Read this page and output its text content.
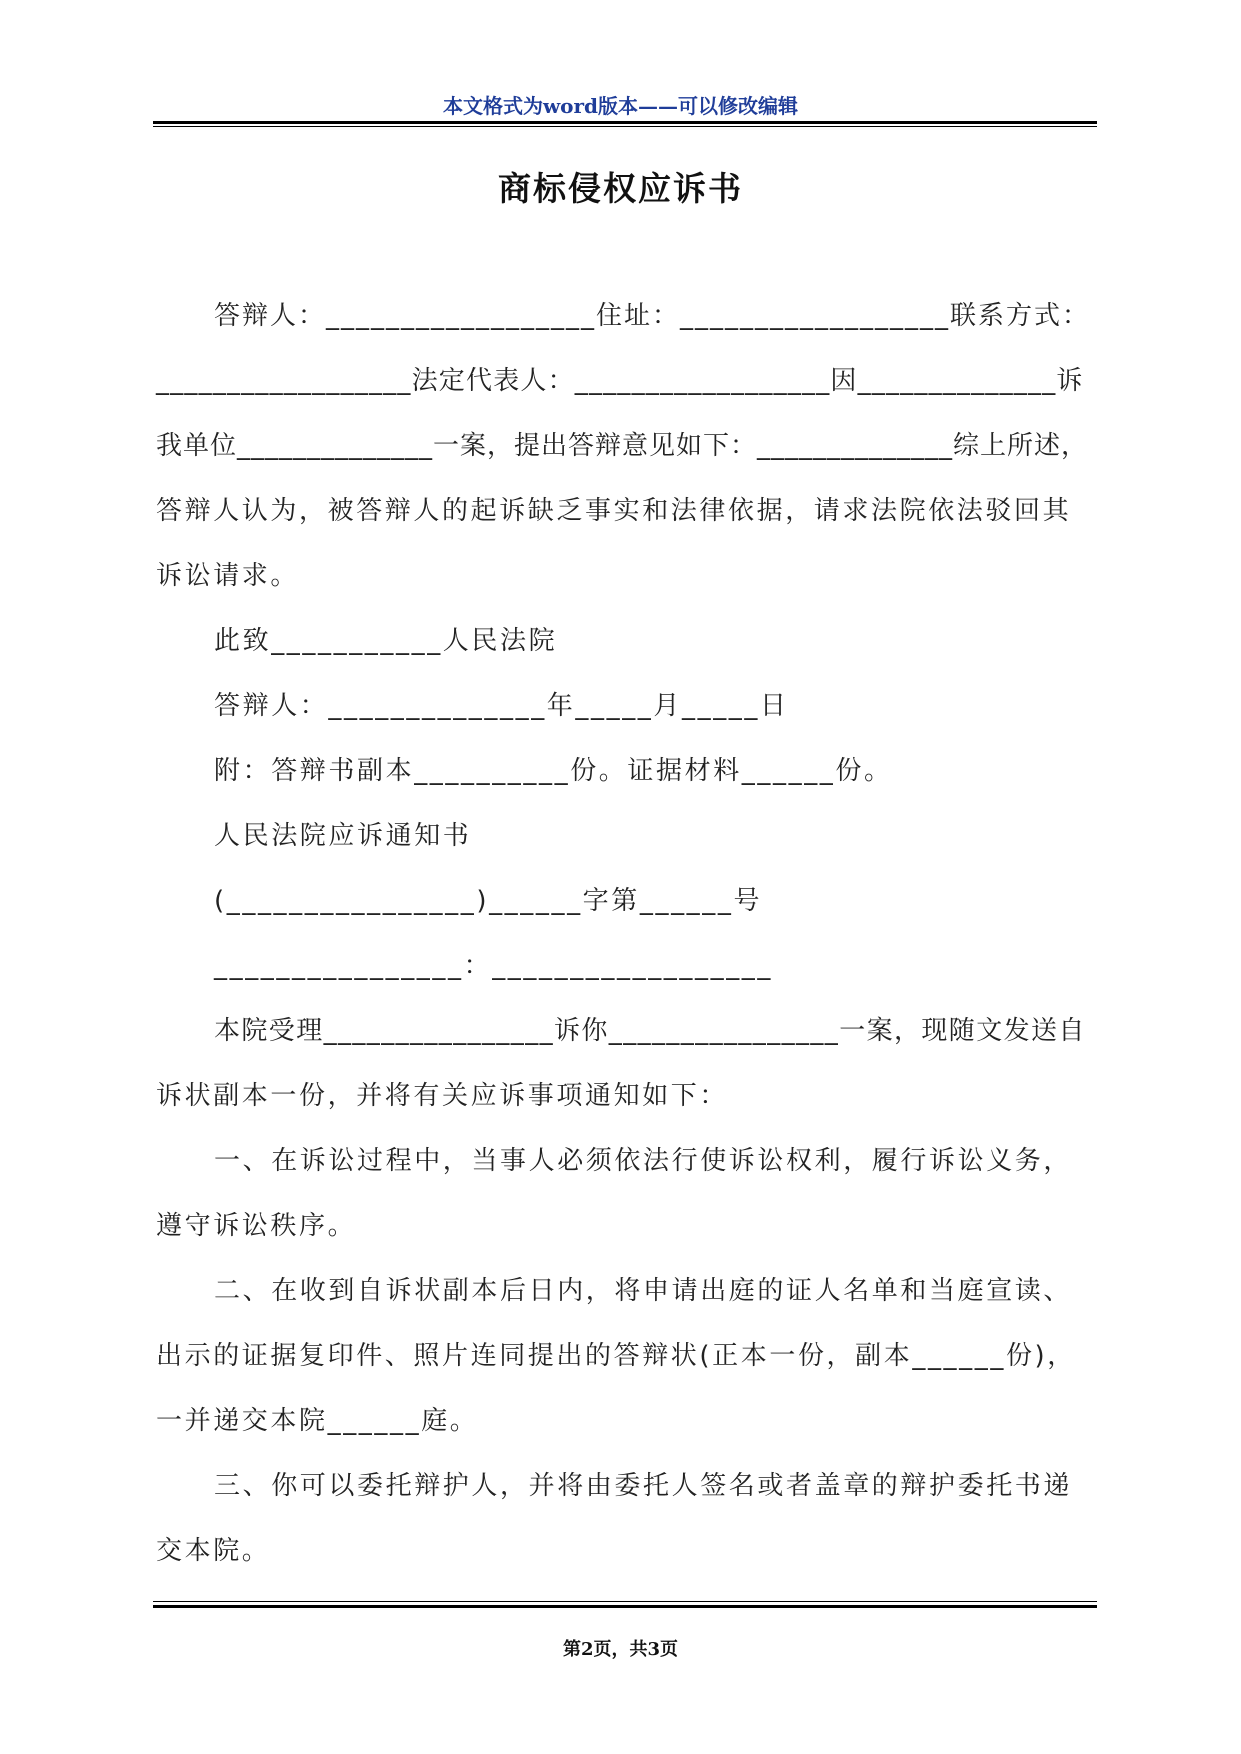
本文格式为word版本——可以修改编辑
商标侵权应诉书
答辩人：__________________住址：__________________联系方式：
__________________法定代表人：__________________因______________诉
我单位______________一案，提出答辩意见如下：______________综上所述，
答辩人认为，被答辩人的起诉缺乏事实和法律依据，请求法院依法驳回其
诉讼请求。
此致___________人民法院
答辩人：______________年_____月_____日
附：答辩书副本__________份。证据材料______份。
人民法院应诉通知书
(________________)______字第______号
________________：__________________
本院受理________________诉你________________一案，现随文发送自
诉状副本一份，并将有关应诉事项通知如下：
一、在诉讼过程中，当事人必须依法行使诉讼权利，履行诉讼义务，
遵守诉讼秩序。
二、在收到自诉状副本后日内，将申请出庭的证人名单和当庭宣读、
出示的证据复印件、照片连同提出的答辩状(正本一份，副本______份)，
一并递交本院______庭。
三、你可以委托辩护人，并将由委托人签名或者盖章的辩护委托书递
交本院。
第2页，共3页
